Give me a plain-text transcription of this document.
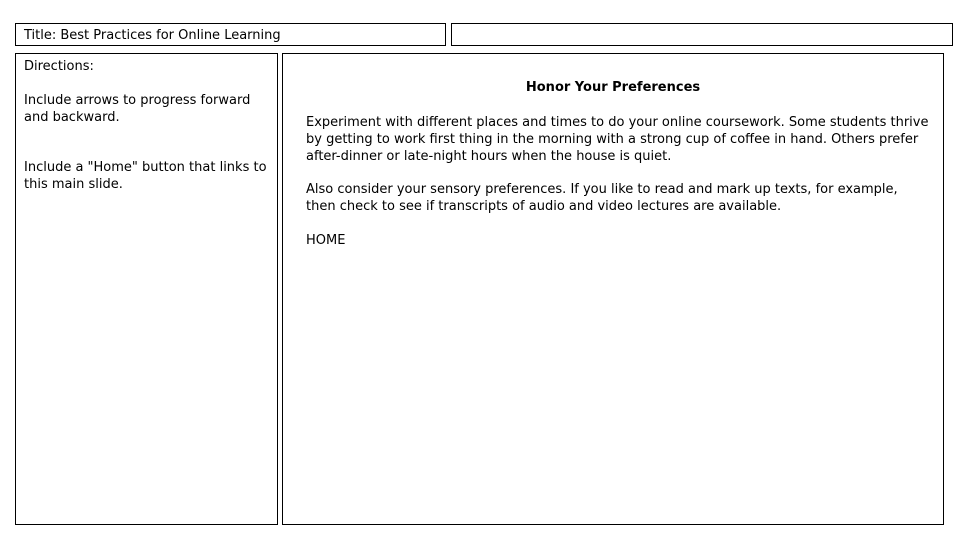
Title: Best Practices for Online Learning
Directions:
Include arrows to progress forward and backward.
Include a "Home" button that links to this main slide.
Honor Your Preferences
Experiment with different places and times to do your online coursework. Some students thrive by getting to work first thing in the morning with a strong cup of coffee in hand. Others prefer after-dinner or late-night hours when the house is quiet.
Also consider your sensory preferences. If you like to read and mark up texts, for example, then check to see if transcripts of audio and video lectures are available.
HOME
